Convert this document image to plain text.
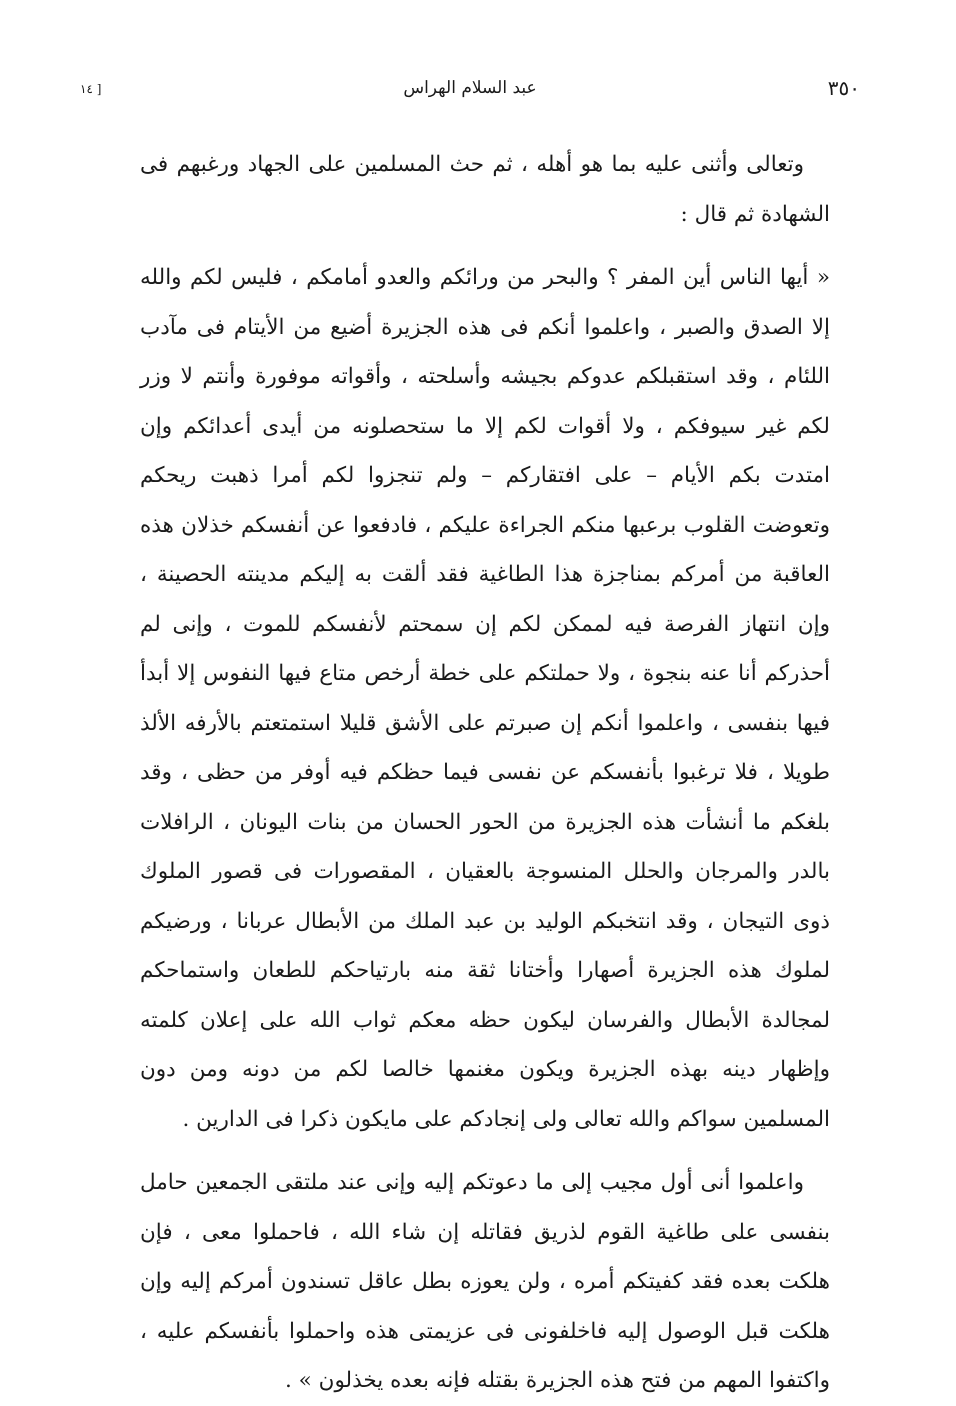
٣٥٠
عبد السلام الهراس
[ ١٤

وتعالى وأثنى عليه بما هو أهله ، ثم حث المسلمين على الجهاد ورغبهم فى الشهادة ثم قال :

« أيها الناس أين المفر ؟ والبحر من ورائكم والعدو أمامكم ، فليس لكم والله إلا الصدق والصبر ، واعلموا أنكم فى هذه الجزيرة أضيع من الأيتام فى مآدب اللئام ، وقد استقبلكم عدوكم بجيشه وأسلحته ، وأقواته موفورة وأنتم لا وزر لكم غير سيوفكم ، ولا أقوات لكم إلا ما ستحصلونه من أيدى أعدائكم وإن امتدت بكم الأيام – على افتقاركم – ولم تنجزوا لكم أمرا ذهبت ريحكم وتعوضت القلوب برعبها منكم الجراءة عليكم ، فادفعوا عن أنفسكم خذلان هذه العاقبة من أمركم بمناجزة هذا الطاغية فقد ألقت به إليكم مدينته الحصينة ، وإن انتهاز الفرصة فيه لممكن لكم إن سمحتم لأنفسكم للموت ، وإنى لم أحذركم أنا عنه بنجوة ، ولا حملتكم على خطة أرخص متاع فيها النفوس إلا أبدأ فيها بنفسى ، واعلموا أنكم إن صبرتم على الأشق قليلا استمتعتم بالأرفه الألذ طويلا ، فلا ترغبوا بأنفسكم عن نفسى فيما حظكم فيه أوفر من حظى ، وقد بلغكم ما أنشأت هذه الجزيرة من الحور الحسان من بنات اليونان ، الرافلات بالدر والمرجان والحلل المنسوجة بالعقيان ، المقصورات فى قصور الملوك ذوى التيجان ، وقد انتخبكم الوليد بن عبد الملك من الأبطال عربانا ، ورضيكم لملوك هذه الجزيرة أصهارا وأختانا ثقة منه بارتياحكم للطعان واستماحكم لمجالدة الأبطال والفرسان ليكون حظه معكم ثواب الله على إعلان كلمته وإظهار دينه بهذه الجزيرة ويكون مغنمها خالصا لكم من دونه ومن دون المسلمين سواكم والله تعالى ولى إنجادكم على مايكون ذكرا فى الدارين .

واعلموا أنى أول مجيب إلى ما دعوتكم إليه وإنى عند ملتقى الجمعين حامل بنفسى على طاغية القوم لذريق فقاتله إن شاء الله ، فاحملوا معى ، فإن هلكت بعده فقد كفيتكم أمره ، ولن يعوزه بطل عاقل تسندون أمركم إليه وإن هلكت قبل الوصول إليه فاخلفونى فى عزيمتى هذه واحملوا بأنفسكم عليه ، واكتفوا المهم من فتح هذه الجزيرة بقتله فإنه بعده يخذلون » .
